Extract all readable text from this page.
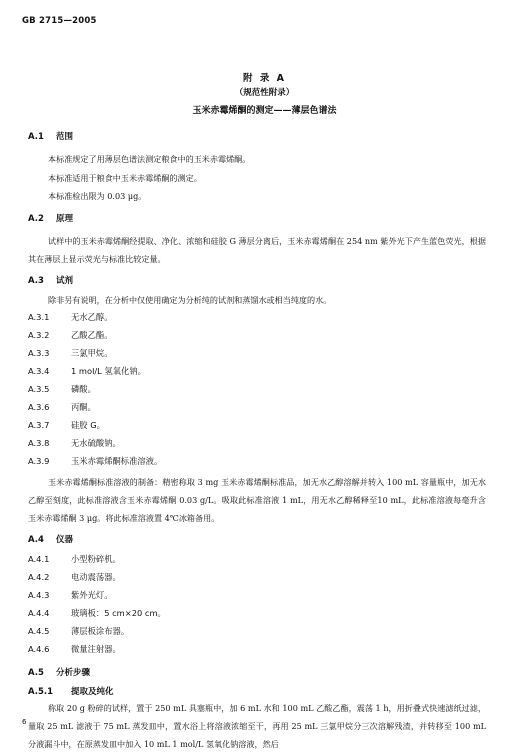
GB 2715—2005
附 录 A
（规范性附录）
玉米赤霉烯酮的测定——薄层色谱法
A.1 范围
本标准规定了用薄层色谱法测定粮食中的玉米赤霉烯酮。
本标准适用于粮食中玉米赤霉烯酮的测定。
本标准检出限为 0.03 μg。
A.2 原理
试样中的玉米赤霉烯酮经提取、净化、浓缩和硅胶 G 薄层分离后，玉米赤霉烯酮在 254 nm 紫外光下产生蓝色荧光，根据其在薄层上显示荧光与标准比较定量。
A.3 试剂
除非另有说明，在分析中仅使用确定为分析纯的试剂和蒸馏水或相当纯度的水。
A.3.1	无水乙醇。
A.3.2	乙酸乙酯。
A.3.3	三氯甲烷。
A.3.4	1 mol/L 氢氧化钠。
A.3.5	磷酸。
A.3.6	丙酮。
A.3.7	硅胶 G。
A.3.8	无水硫酸钠。
A.3.9	玉米赤霉烯酮标准溶液。
玉米赤霉烯酮标准溶液的制备：精密称取 3 mg 玉米赤霉烯酮标准品，加无水乙醇溶解并转入 100 mL 容量瓶中，加无水乙醇至刻度，此标准溶液含玉米赤霉烯酮 0.03 g/L。吸取此标准溶液 1 mL，用无水乙醇稀释至10 mL，此标准溶液每毫升含玉米赤霉烯酮 3 μg。将此标准溶液置 4℃冰箱备用。
A.4 仪器
A.4.1	小型粉碎机。
A.4.2	电动震荡器。
A.4.3	紫外光灯。
A.4.4	玻璃板：5 cm×20 cm。
A.4.5	薄层板涂布器。
A.4.6	微量注射器。
A.5 分析步骤
A.5.1 提取及纯化
称取 20 g 粉碎的试样，置于 250 mL 具塞瓶中，加 6 mL 水和 100 mL 乙酸乙酯，震荡 1 h，用折叠式快速滤纸过滤，量取 25 mL 滤液于 75 mL 蒸发皿中，置水浴上将溶液浓缩至干，再用 25 mL 三氯甲烷分三次溶解残渣，并转移至 100 mL 分液漏斗中，在原蒸发皿中加入 10 mL 1 mol/L 氢氧化钠溶液，然后
6
